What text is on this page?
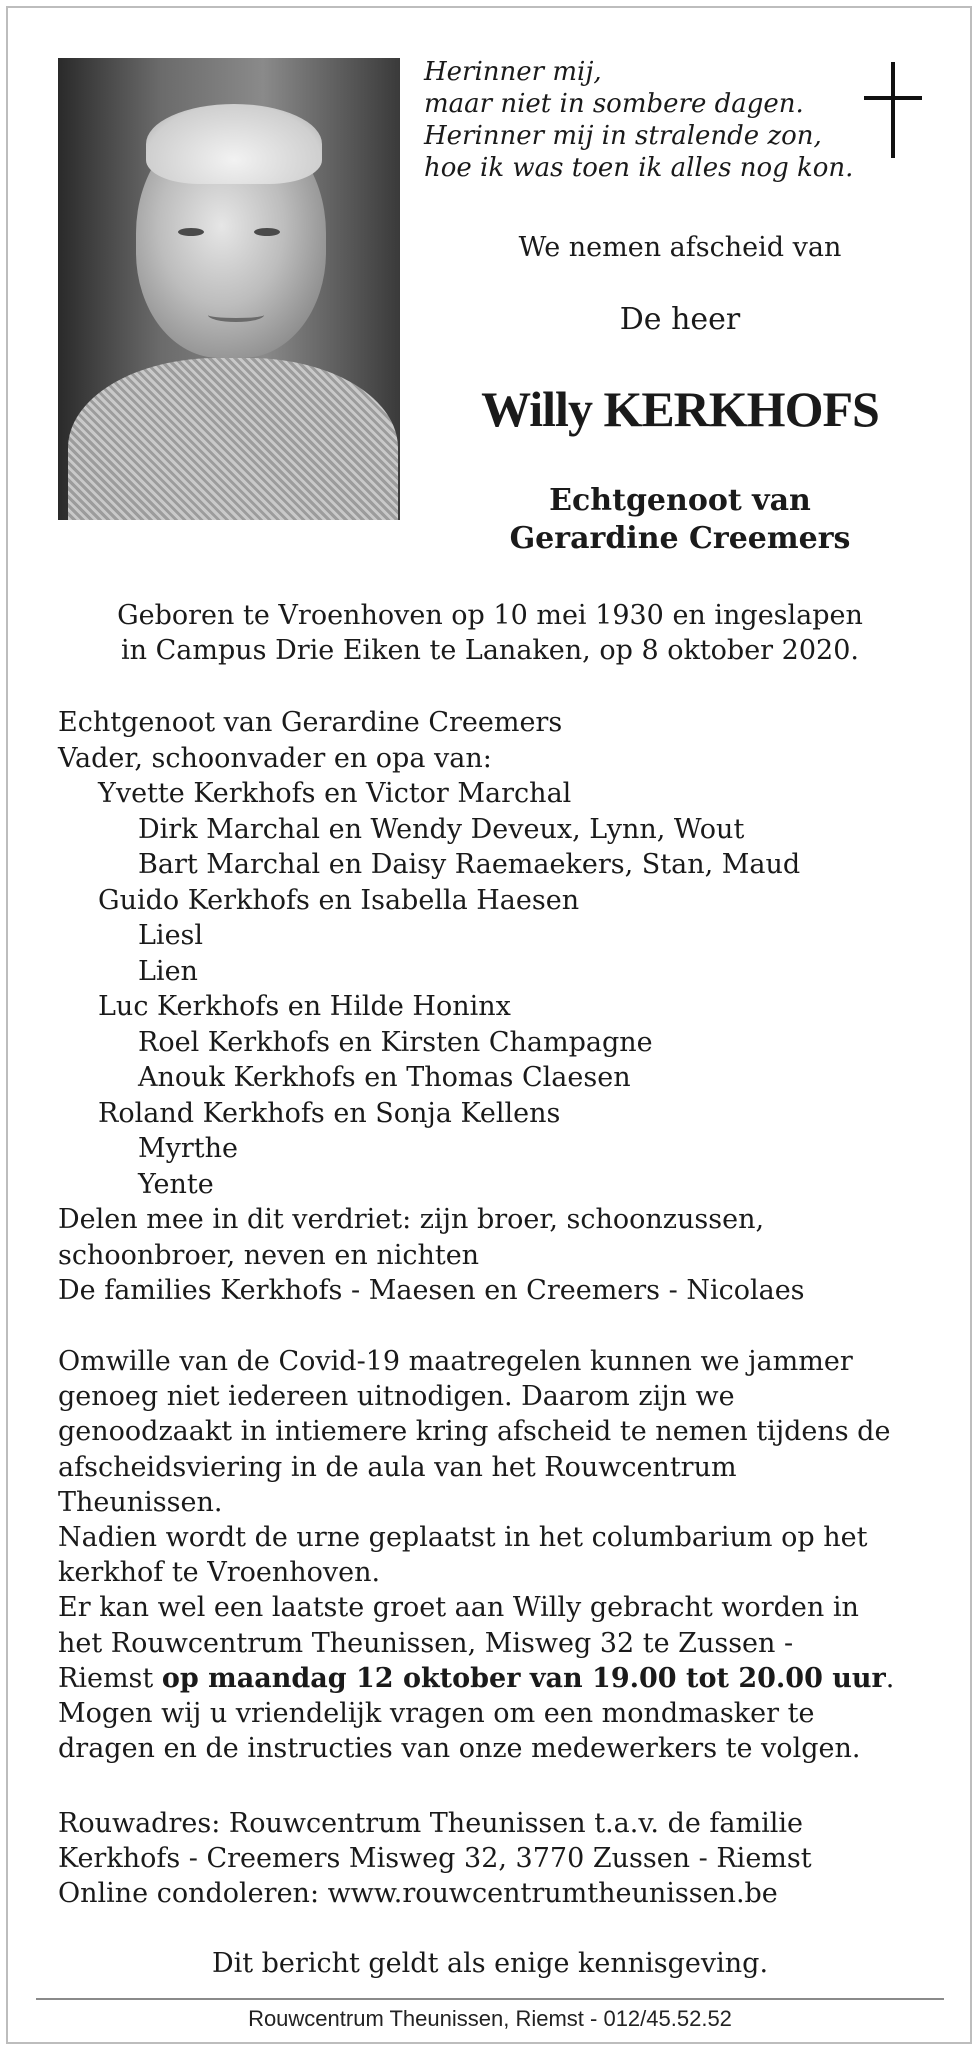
Herinner mij,
maar niet in sombere dagen.
Herinner mij in stralende zon,
hoe ik was toen ik alles nog kon.
We nemen afscheid van
De heer
Willy KERKHOFS
Echtgenoot van
Gerardine Creemers
Geboren te Vroenhoven op 10 mei 1930 en ingeslapen
in Campus Drie Eiken te Lanaken, op 8 oktober 2020.
Echtgenoot van Gerardine Creemers
Vader, schoonvader en opa van:
Yvette Kerkhofs en Victor Marchal
Dirk Marchal en Wendy Deveux, Lynn, Wout
Bart Marchal en Daisy Raemaekers, Stan, Maud
Guido Kerkhofs en Isabella Haesen
Liesl
Lien
Luc Kerkhofs en Hilde Honinx
Roel Kerkhofs en Kirsten Champagne
Anouk Kerkhofs en Thomas Claesen
Roland Kerkhofs en Sonja Kellens
Myrthe
Yente
Delen mee in dit verdriet: zijn broer, schoonzussen,
schoonbroer, neven en nichten
De families Kerkhofs - Maesen en Creemers - Nicolaes
Omwille van de Covid-19 maatregelen kunnen we jammer
genoeg niet iedereen uitnodigen. Daarom zijn we
genoodzaakt in intiemere kring afscheid te nemen tijdens de
afscheidsviering in de aula van het Rouwcentrum
Theunissen.
Nadien wordt de urne geplaatst in het columbarium op het
kerkhof te Vroenhoven.
Er kan wel een laatste groet aan Willy gebracht worden in
het Rouwcentrum Theunissen, Misweg 32 te Zussen -
Riemst op maandag 12 oktober van 19.00 tot 20.00 uur.
Mogen wij u vriendelijk vragen om een mondmasker te
dragen en de instructies van onze medewerkers te volgen.
Rouwadres: Rouwcentrum Theunissen t.a.v. de familie
Kerkhofs - Creemers Misweg 32, 3770 Zussen - Riemst
Online condoleren: www.rouwcentrumtheunissen.be
Dit bericht geldt als enige kennisgeving.
Rouwcentrum Theunissen, Riemst - 012/45.52.52
